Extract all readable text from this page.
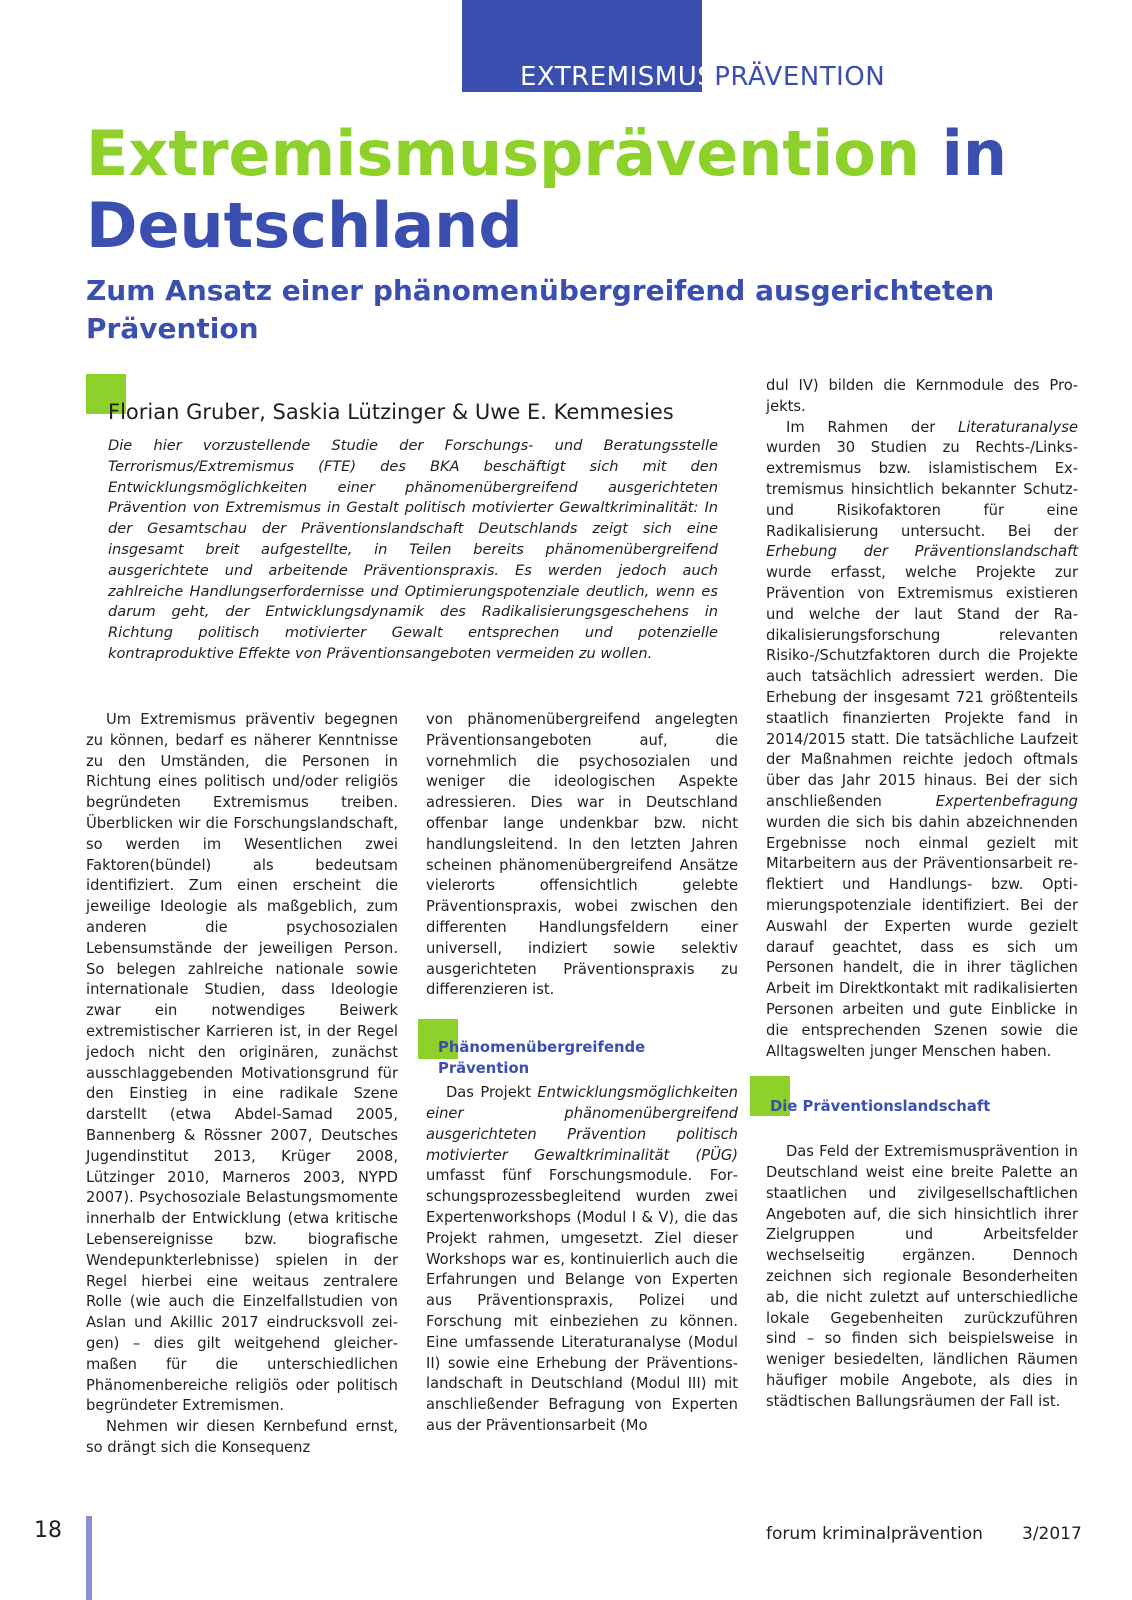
EXTREMISMUSPRÄVENTION
Extremismusprävention in
Deutschland
Zum Ansatz einer phänomenübergreifend ausgerichteten Prävention
Florian Gruber, Saskia Lützinger & Uwe E. Kemmesies

Die hier vorzustellende Studie der Forschungs- und Beratungsstelle Terrorismus/Extremismus (FTE) des BKA beschäftigt sich mit den Entwicklungsmöglichkeiten einer phänomenübergreifend ausgerichteten Prävention von Extremismus in Gestalt politisch motivierter Gewaltkriminalität: In der Gesamtschau der Präventionslandschaft Deutschlands zeigt sich eine insgesamt breit aufgestellte, in Teilen bereits phänomenübergreifend ausgerichtete und arbeitende Präventionspraxis. Es werden jedoch auch zahlreiche Handlungserfordernisse und Optimierungspotenziale deutlich, wenn es darum geht, der Entwicklungsdynamik des Radikalisierungsgeschehens in Richtung politisch motivierter Gewalt entsprechen und potenzielle kontraproduktive Effekte von Präventionsangeboten vermeiden zu wollen.

Um Extremismus präventiv begegnen zu können, bedarf es näherer Kenntnisse zu den Umständen, die Personen in Richtung eines politisch und/oder religiös begründeten Extremismus treiben. Überblicken wir die Forschungslandschaft, so werden im Wesentlichen zwei Faktoren(bündel) als bedeutsam identifiziert. Zum einen erscheint die jeweilige Ideologie als maßgeblich, zum anderen die psychosozialen Lebensumstände der jeweiligen Person. So belegen zahlreiche nationale sowie internationale Studien, dass Ideologie zwar ein notwendiges Beiwerk extremistischer Karrieren ist, in der Regel jedoch nicht den originären, zunächst ausschlaggebenden Motivationsgrund für den Einstieg in eine radikale Szene darstellt (etwa Abdel-Samad 2005, Bannenberg & Rössner 2007, Deutsches Jugendinstitut 2013, Krüger 2008, Lützinger 2010, Marneros 2003, NYPD 2007). Psychosoziale Belastungsmomente innerhalb der Entwicklung (etwa kritische Lebensereignisse bzw. biografische Wendepunkterlebnisse) spielen in der Regel hierbei eine weitaus zentralere Rolle (wie auch die Einzelfallstudien von Aslan und Akillic 2017 eindrucksvoll zeigen) – dies gilt weitgehend gleichermaßen für die unterschiedlichen Phänomenbereiche religiös oder politisch begründeter Extremismen.

Nehmen wir diesen Kernbefund ernst, so drängt sich die Konsequenz

von phänomenübergreifend angelegten Präventionsangeboten auf, die vornehmlich die psychosozialen und weniger die ideologischen Aspekte adressieren. Dies war in Deutschland offenbar lange undenkbar bzw. nicht handlungsleitend. In den letzten Jahren scheinen phänomenübergreifend Ansätze vielerorts offensichtlich gelebte Präventionspraxis, wobei zwischen den differenten Handlungsfeldern einer universell, indiziert sowie selektiv ausgerichteten Präventionspraxis zu differenzieren ist.

Phänomenübergreifende
Prävention

Das Projekt Entwicklungsmöglichkeiten einer phänomenübergreifend ausgerichteten Prävention politisch motivierter Gewaltkriminalität (PÜG) umfasst fünf Forschungsmodule. Forschungsprozessbegleitend wurden zwei Expertenworkshops (Modul I & V), die das Projekt rahmen, umgesetzt. Ziel dieser Workshops war es, kontinuierlich auch die Erfahrungen und Belange von Experten aus Präventionspraxis, Polizei und Forschung mit einbeziehen zu können. Eine umfassende Literaturanalyse (Modul II) sowie eine Erhebung der Präventionslandschaft in Deutschland (Modul III) mit anschließender Befragung von Experten aus der Präventionsarbeit (Mo

dul IV) bilden die Kernmodule des Projekts.

Im Rahmen der Literaturanalyse wurden 30 Studien zu Rechts-/Linksextremismus bzw. islamistischem Extremismus hinsichtlich bekannter Schutz- und Risikofaktoren für eine Radikalisierung untersucht. Bei der Erhebung der Präventionslandschaft wurde erfasst, welche Projekte zur Prävention von Extremismus existieren und welche der laut Stand der Radikalisierungsforschung relevanten Risiko-/Schutzfaktoren durch die Projekte auch tatsächlich adressiert werden. Die Erhebung der insgesamt 721 größtenteils staatlich finanzierten Projekte fand in 2014/2015 statt. Die tatsächliche Laufzeit der Maßnahmen reichte jedoch oftmals über das Jahr 2015 hinaus. Bei der sich anschließenden Expertenbefragung wurden die sich bis dahin abzeichnenden Ergebnisse noch einmal gezielt mit Mitarbeitern aus der Präventionsarbeit reflektiert und Handlungs- bzw. Optimierungspotenziale identifiziert. Bei der Auswahl der Experten wurde gezielt darauf geachtet, dass es sich um Personen handelt, die in ihrer täglichen Arbeit im Direktkontakt mit radikalisierten Personen arbeiten und gute Einblicke in die entsprechenden Szenen sowie die Alltagswelten junger Menschen haben.

Die Präventionslandschaft

Das Feld der Extremismusprävention in Deutschland weist eine breite Palette an staatlichen und zivilgesellschaftlichen Angeboten auf, die sich hinsichtlich ihrer Zielgruppen und Arbeitsfelder wechselseitig ergänzen. Dennoch zeichnen sich regionale Besonderheiten ab, die nicht zuletzt auf unterschiedliche lokale Gegebenheiten zurückzuführen sind – so finden sich beispielsweise in weniger besiedelten, ländlichen Räumen häufiger mobile Angebote, als dies in städtischen Ballungsräumen der Fall ist.

18	forum kriminalprävention 3/2017
